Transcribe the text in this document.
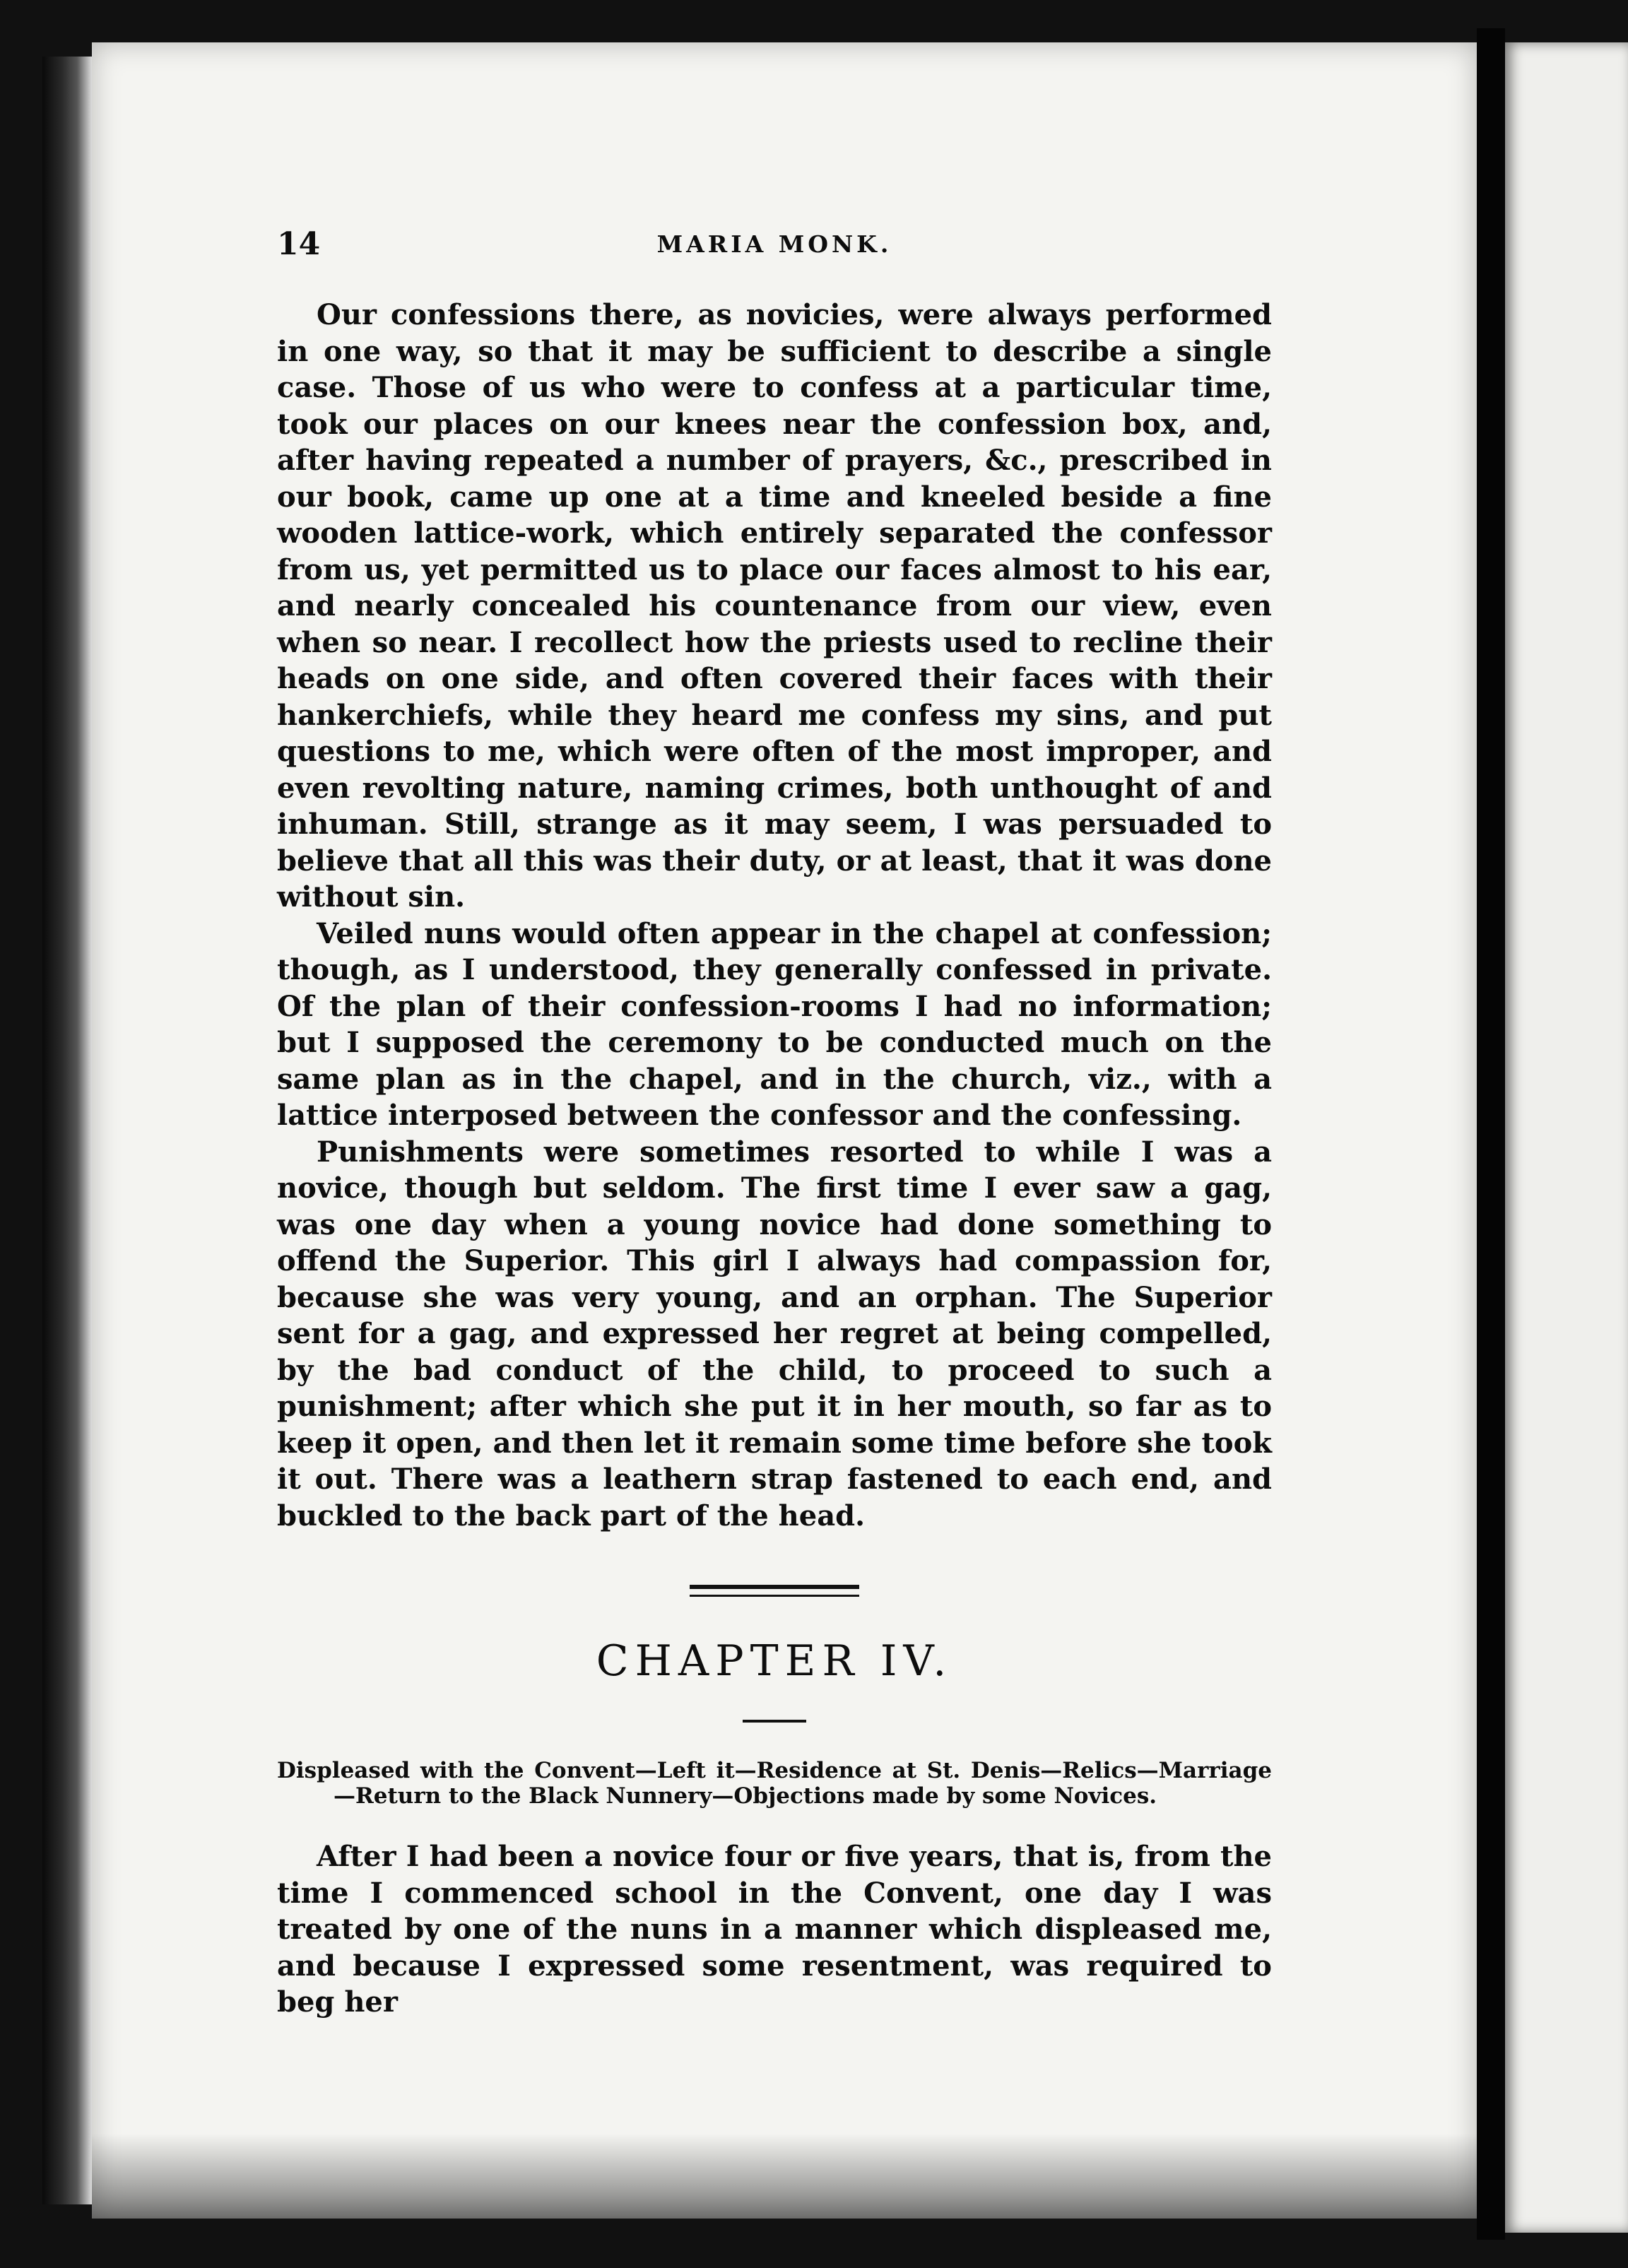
14	MARIA MONK.

Our confessions there, as novicies, were always performed in one way, so that it may be sufficient to describe a single case. Those of us who were to confess at a particular time, took our places on our knees near the confession box, and, after having repeated a number of prayers, &c., prescribed in our book, came up one at a time and kneeled beside a fine wooden lattice-work, which entirely separated the confessor from us, yet permitted us to place our faces almost to his ear, and nearly concealed his countenance from our view, even when so near. I recollect how the priests used to recline their heads on one side, and often covered their faces with their hankerchiefs, while they heard me confess my sins, and put questions to me, which were often of the most improper, and even revolting nature, naming crimes, both unthought of and inhuman. Still, strange as it may seem, I was persuaded to believe that all this was their duty, or at least, that it was done without sin.

Veiled nuns would often appear in the chapel at confession; though, as I understood, they generally confessed in private. Of the plan of their confession-rooms I had no information; but I supposed the ceremony to be conducted much on the same plan as in the chapel, and in the church, viz., with a lattice interposed between the confessor and the confessing.

Punishments were sometimes resorted to while I was a novice, though but seldom. The first time I ever saw a gag, was one day when a young novice had done something to offend the Superior. This girl I always had compassion for, because she was very young, and an orphan. The Superior sent for a gag, and expressed her regret at being compelled, by the bad conduct of the child, to proceed to such a punishment; after which she put it in her mouth, so far as to keep it open, and then let it remain some time before she took it out. There was a leathern strap fastened to each end, and buckled to the back part of the head.

CHAPTER IV.

Displeased with the Convent—Left it—Residence at St. Denis—Relics—Marriage—Return to the Black Nunnery—Objections made by some Novices.

After I had been a novice four or five years, that is, from the time I commenced school in the Convent, one day I was treated by one of the nuns in a manner which displeased me, and because I expressed some resentment, was required to beg her
